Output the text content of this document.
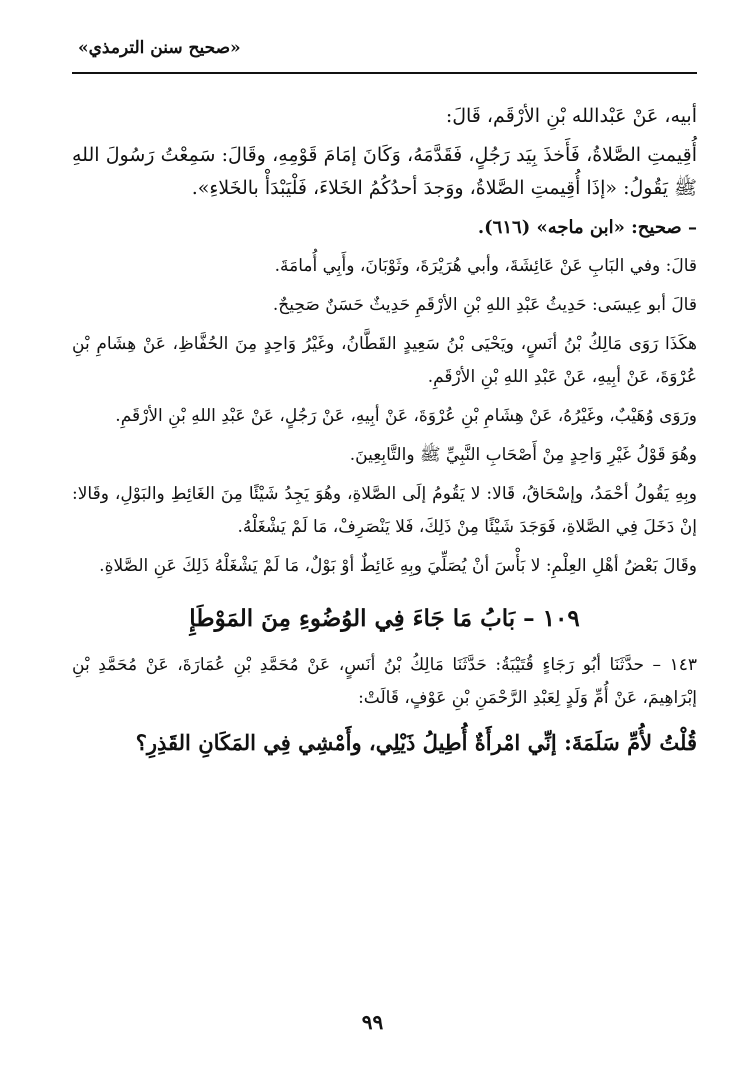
«صحيح سنن الترمذي»

أبيه، عَنْ عَبْدالله بْنِ الأرْقَم، قَالَ:

أُقِيمتِ الصَّلاةُ، فَأَخذَ بِيَد رَجُلٍ، فَقَدَّمَهُ، وَكَانَ إمَامَ قَوْمِهِ، وقَالَ: سَمِعْتُ رَسُولَ اللهِ ﷺ يَقُولُ: «إذَا أُقِيمتِ الصَّلاةُ، ووَجدَ أحدُكُمُ الخَلاءَ، فَلْيَبْدَأْ بالخَلاءِ».

– صحيح: «ابن ماجه» (٦١٦).

قالَ: وفي البَابِ عَنْ عَائِشَةَ، وأبي هُرَيْرَةَ، وثَوْبَانَ، وأَبِي أُمامَةَ.

قالَ أبو عِيسَى: حَدِيثُ عَبْدِ اللهِ بْنِ الأرْقَمِ حَدِيثٌ حَسَنٌ صَحِيحٌ.

هكَذَا رَوَى مَالِكُ بْنُ أنَسٍ، ويَحْيَى بْنُ سَعِيدٍ القَطَّانُ، وغَيْرُ وَاحِدٍ مِنَ الحُفَّاظِ، عَنْ هِشَامِ بْنِ عُرْوَةَ، عَنْ أبِيهِ، عَنْ عَبْدِ اللهِ بْنِ الأرْقَمِ.

ورَوَى وُهَيْبٌ، وغَيْرُهُ، عَنْ هِشَامِ بْنِ عُرْوَةَ، عَنْ أبِيهِ، عَنْ رَجُلٍ، عَنْ عَبْدِ اللهِ بْنِ الأرْقَمِ.

وهُوَ قَوْلُ غَيْرِ وَاحِدٍ مِنْ أَصْحَابِ النَّبِيِّ ﷺ والتَّابِعِينَ.

وبِهِ يَقُولُ أحْمَدُ، وإسْحَاقُ، قَالا: لا يَقُومُ إلَى الصَّلاةِ، وهُوَ يَجِدُ شَيْئًا مِنَ الغَائِطِ والبَوْلِ، وقَالا: إنْ دَخَلَ فِي الصَّلاةِ، فَوَجَدَ شَيْئًا مِنْ ذَلِكَ، فَلا يَنْصَرِفْ، مَا لَمْ يَشْغَلْهُ.

وقَالَ بَعْضُ أهْلِ العِلْمِ: لا بَأْسَ أنْ يُصَلِّيَ وبِهِ غَائِطٌ أوْ بَوْلٌ، مَا لَمْ يَشْغَلْهُ ذَلِكَ عَنِ الصَّلاةِ.

١٠٩ – بَابُ مَا جَاءَ فِي الوُضُوءِ مِنَ المَوْطَإِ

١٤٣ – حدَّثَنَا أبُو رَجَاءٍ قُتَيْبَةُ: حَدَّثَنَا مَالِكُ بْنُ أنَسٍ، عَنْ مُحَمَّدِ بْنِ عُمَارَةَ، عَنْ مُحَمَّدِ بْنِ إبْرَاهِيمَ، عَنْ أُمِّ وَلَدٍ لِعَبْدِ الرَّحْمَنِ بْنِ عَوْفٍ، قَالَتْ:

قُلْتُ لأُمِّ سَلَمَةَ: إنِّي امْرأَةٌ أُطِيلُ ذَيْلِي، وأَمْشِي فِي المَكَانِ القَذِرِ؟

٩٩
